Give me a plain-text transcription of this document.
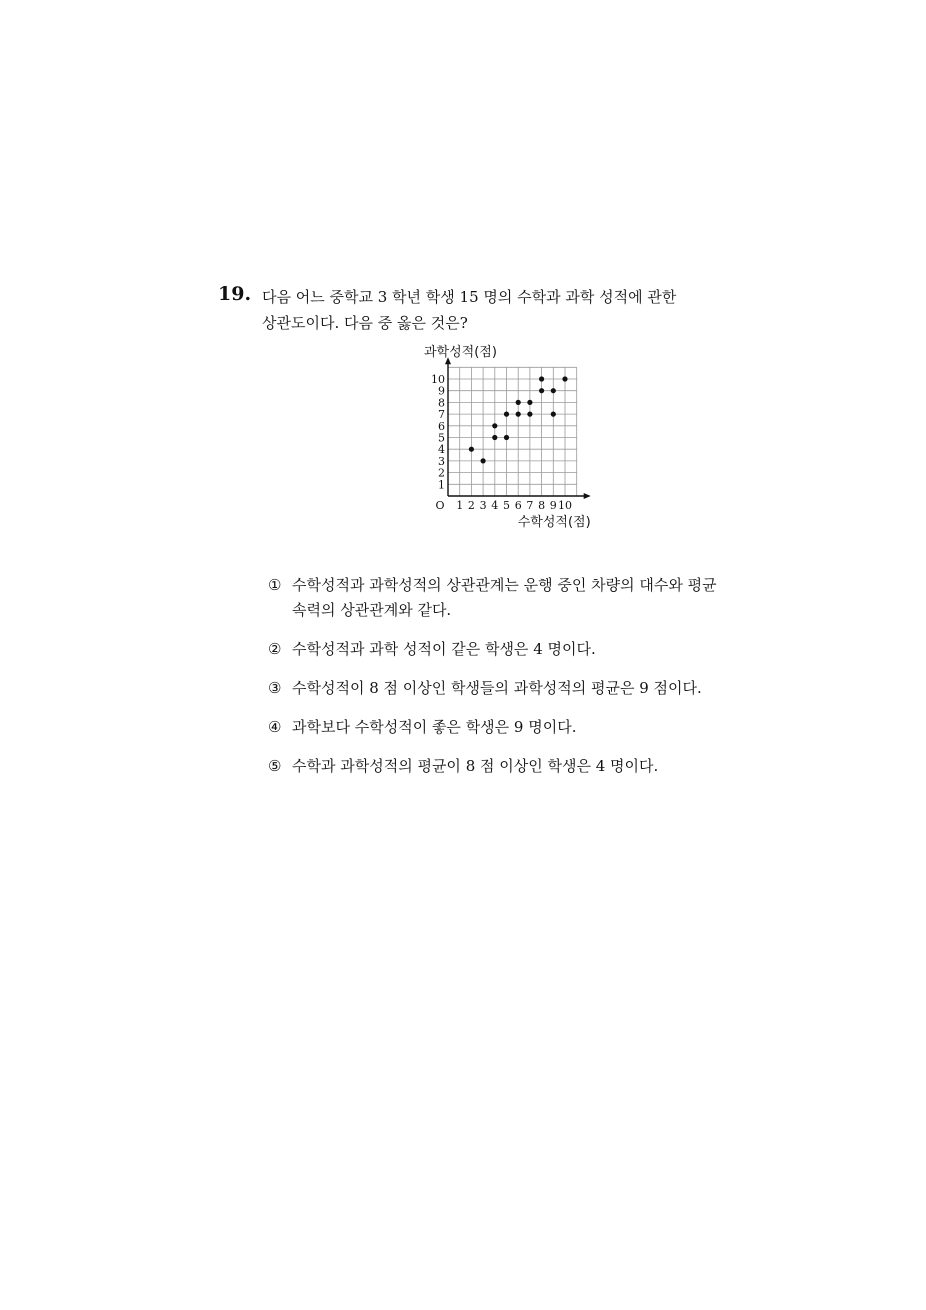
19. 다음 어느 중학교 3 학년 학생 15 명의 수학과 과학 성적에 관한
상관도이다. 다음 중 옳은 것은?
1 2 3 4 5 6 7 8 9 10
1
2
3
4
5
6
7
8
9
10
O
과학성적(점)
수학성적(점)
① 수학성적과 과학성적의 상관관계는 운행 중인 차량의 대수와 평균
속력의 상관관계와 같다.
② 수학성적과 과학 성적이 같은 학생은 4 명이다.
③ 수학성적이 8 점 이상인 학생들의 과학성적의 평균은 9 점이다.
④ 과학보다 수학성적이 좋은 학생은 9 명이다.
⑤ 수학과 과학성적의 평균이 8 점 이상인 학생은 4 명이다.
